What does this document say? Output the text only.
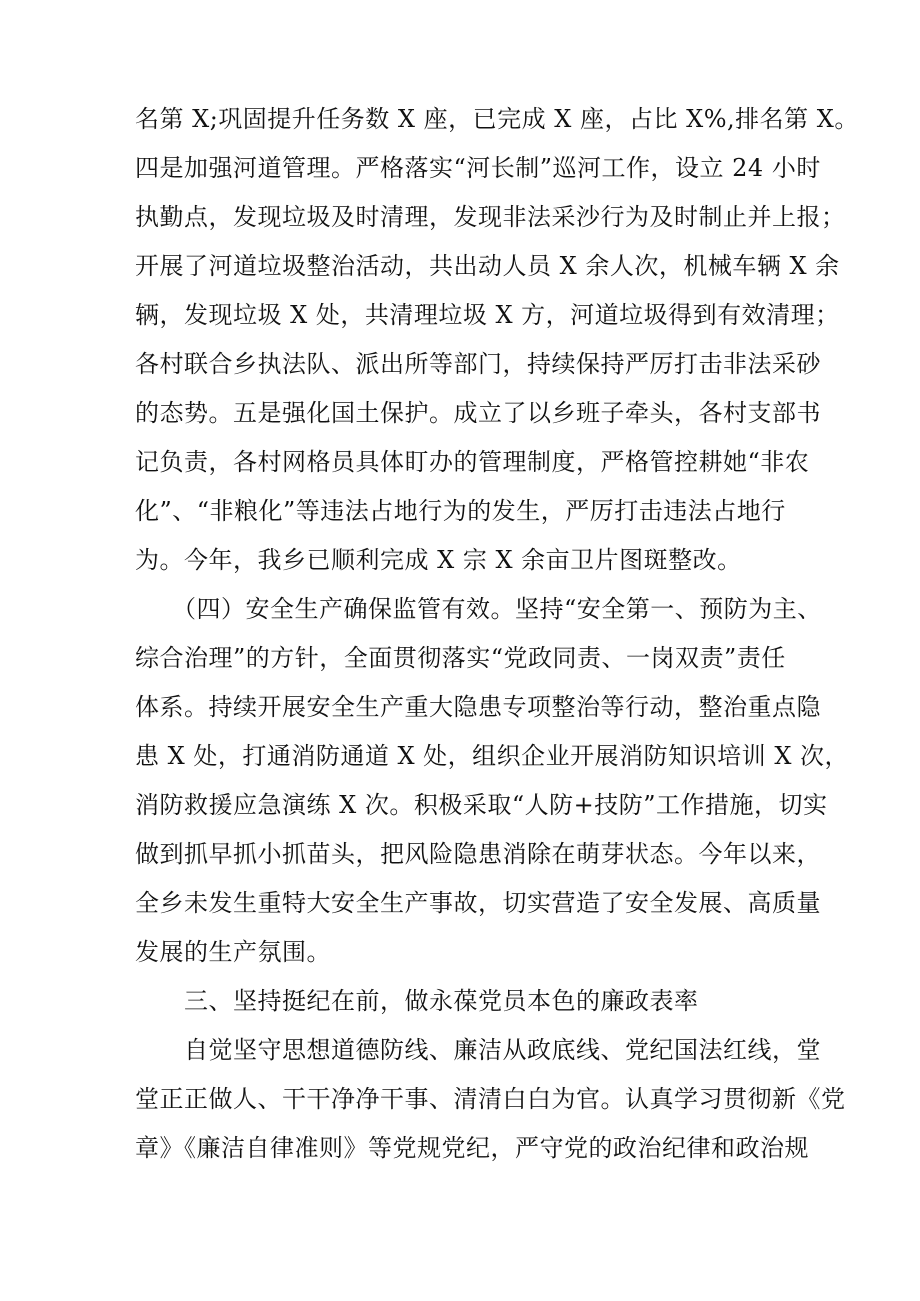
名第 X;巩固提升任务数 X 座，已完成 X 座，占比 X%,排名第 X。
四是加强河道管理。严格落实“河长制”巡河工作，设立 24 小时
执勤点，发现垃圾及时清理，发现非法采沙行为及时制止并上报；
开展了河道垃圾整治活动，共出动人员 X 余人次，机械车辆 X 余
辆，发现垃圾 X 处，共清理垃圾 X 方，河道垃圾得到有效清理；
各村联合乡执法队、派出所等部门，持续保持严厉打击非法采砂
的态势。五是强化国土保护。成立了以乡班子牵头，各村支部书
记负责，各村网格员具体盯办的管理制度，严格管控耕她“非农
化”、“非粮化”等违法占地行为的发生，严厉打击违法占地行
为。今年，我乡已顺利完成 X 宗 X 余亩卫片图斑整改。
　　（四）安全生产确保监管有效。坚持“安全第一、预防为主、
综合治理”的方针，全面贯彻落实“党政同责、一岗双责”责任
体系。持续开展安全生产重大隐患专项整治等行动，整治重点隐
患 X 处，打通消防通道 X 处，组织企业开展消防知识培训 X 次，
消防救援应急演练 X 次。积极采取“人防+技防”工作措施，切实
做到抓早抓小抓苗头，把风险隐患消除在萌芽状态。今年以来，
全乡未发生重特大安全生产事故，切实营造了安全发展、高质量
发展的生产氛围。
　　三、坚持挺纪在前，做永葆党员本色的廉政表率
　　自觉坚守思想道德防线、廉洁从政底线、党纪国法红线，堂
堂正正做人、干干净净干事、清清白白为官。认真学习贯彻新《党
章》《廉洁自律准则》等党规党纪，严守党的政治纪律和政治规
